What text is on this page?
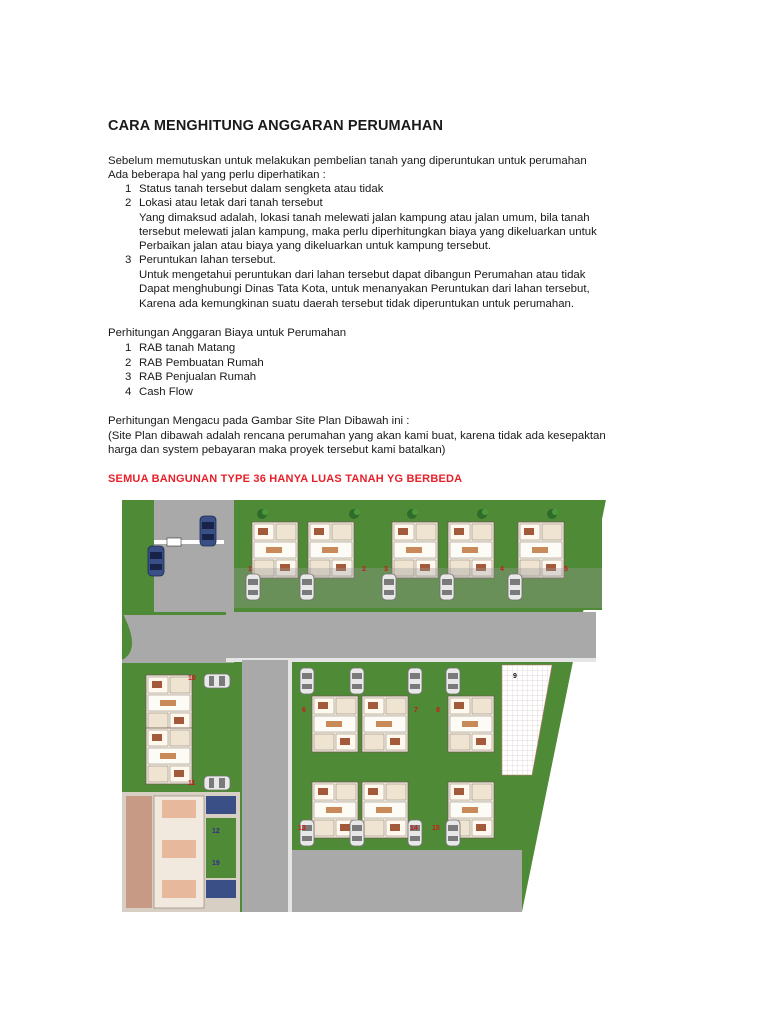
CARA MENGHITUNG ANGGARAN PERUMAHAN
Sebelum memutuskan untuk melakukan pembelian tanah yang diperuntukan untuk perumahan
Ada beberapa hal yang perlu diperhatikan :
1 Status tanah tersebut dalam sengketa atau tidak
2 Lokasi atau letak dari tanah tersebut
Yang dimaksud adalah, lokasi tanah melewati jalan kampung atau jalan umum, bila tanah
tersebut melewati jalan kampung, maka perlu diperhitungkan biaya yang dikeluarkan untuk
Perbaikan jalan atau biaya yang dikeluarkan untuk kampung tersebut.
3 Peruntukan lahan tersebut.
Untuk mengetahui peruntukan dari lahan tersebut dapat dibangun Perumahan atau tidak
Dapat menghubungi Dinas Tata Kota, untuk menanyakan Peruntukan dari lahan tersebut,
Karena ada kemungkinan suatu daerah tersebut tidak diperuntukan untuk perumahan.
Perhitungan Anggaran Biaya untuk Perumahan
1 RAB tanah Matang
2 RAB Pembuatan Rumah
3 RAB Penjualan Rumah
4 Cash Flow
Perhitungan Mengacu pada Gambar Site Plan Dibawah ini :
(Site Plan dibawah adalah rencana perumahan yang akan kami buat, karena tidak ada kesepaktan
harga dan system pebayaran maka proyek tersebut kami batalkan)
SEMUA BANGUNAN TYPE 36 HANYA LUAS TANAH YG BERBEDA
1	2	3	4	5
6	7	8
9
10
11
12	13	14 15
19
